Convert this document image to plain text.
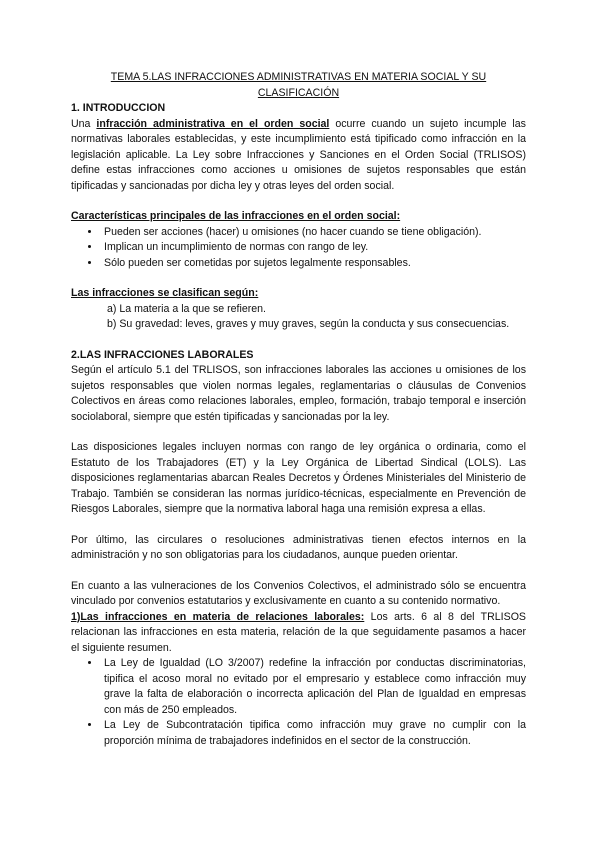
TEMA 5.LAS INFRACCIONES ADMINISTRATIVAS EN MATERIA SOCIAL Y SU CLASIFICACIÓN

1. INTRODUCCION

Una infracción administrativa en el orden social ocurre cuando un sujeto incumple las normativas laborales establecidas, y este incumplimiento está tipificado como infracción en la legislación aplicable. La Ley sobre Infracciones y Sanciones en el Orden Social (TRLISOS) define estas infracciones como acciones u omisiones de sujetos responsables que están tipificadas y sancionadas por dicha ley y otras leyes del orden social.

Características principales de las infracciones en el orden social:

• Pueden ser acciones (hacer) u omisiones (no hacer cuando se tiene obligación).
• Implican un incumplimiento de normas con rango de ley.
• Sólo pueden ser cometidas por sujetos legalmente responsables.

Las infracciones se clasifican según:

a) La materia a la que se refieren.

b) Su gravedad: leves, graves y muy graves, según la conducta y sus consecuencias.

2.LAS INFRACCIONES LABORALES

Según el artículo 5.1 del TRLISOS, son infracciones laborales las acciones u omisiones de los sujetos responsables que violen normas legales, reglamentarias o cláusulas de Convenios Colectivos en áreas como relaciones laborales, empleo, formación, trabajo temporal e inserción sociolaboral, siempre que estén tipificadas y sancionadas por la ley.

Las disposiciones legales incluyen normas con rango de ley orgánica o ordinaria, como el Estatuto de los Trabajadores (ET) y la Ley Orgánica de Libertad Sindical (LOLS). Las disposiciones reglamentarias abarcan Reales Decretos y Órdenes Ministeriales del Ministerio de Trabajo. También se consideran las normas jurídico-técnicas, especialmente en Prevención de Riesgos Laborales, siempre que la normativa laboral haga una remisión expresa a ellas.

Por último, las circulares o resoluciones administrativas tienen efectos internos en la administración y no son obligatorias para los ciudadanos, aunque pueden orientar.

En cuanto a las vulneraciones de los Convenios Colectivos, el administrado sólo se encuentra vinculado por convenios estatutarios y exclusivamente en cuanto a su contenido normativo.

1)Las infracciones en materia de relaciones laborales: Los arts. 6 al 8 del TRLISOS relacionan las infracciones en esta materia, relación de la que seguidamente pasamos a hacer el siguiente resumen.

• La Ley de Igualdad (LO 3/2007) redefine la infracción por conductas discriminatorias, tipifica el acoso moral no evitado por el empresario y establece como infracción muy grave la falta de elaboración o incorrecta aplicación del Plan de Igualdad en empresas con más de 250 empleados.
• La Ley de Subcontratación tipifica como infracción muy grave no cumplir con la proporción mínima de trabajadores indefinidos en el sector de la construcción.
